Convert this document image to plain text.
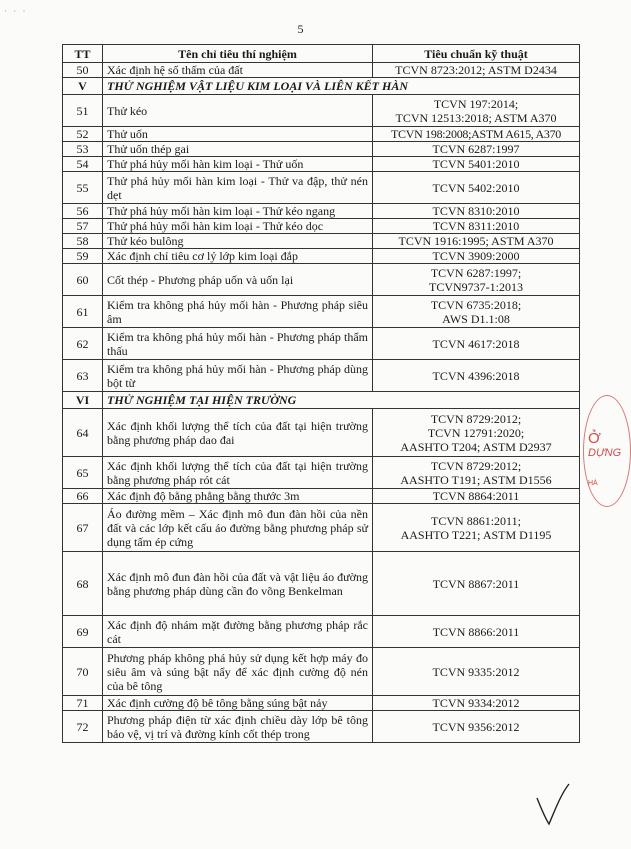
· · ·
5
TT	Tên chỉ tiêu thí nghiệm	Tiêu chuẩn kỹ thuật
50	Xác định hệ số thấm của đất	TCVN 8723:2012; ASTM D2434
V	THỬ NGHIỆM VẬT LIỆU KIM LOẠI VÀ LIÊN KẾT HÀN	
51	Thử kéo	TCVN 197:2014;
TCVN 12513:2018; ASTM A370
52	Thử uốn	TCVN 198:2008;ASTM A615, A370
53	Thử uốn thép gai	TCVN 6287:1997
54	Thử phá hủy mối hàn kim loại - Thử uốn	TCVN 5401:2010
55	Thử phá hủy mối hàn kim loại - Thử va đập, thử nén dẹt	TCVN 5402:2010
56	Thử phá hủy mối hàn kim loại - Thử kéo ngang	TCVN 8310:2010
57	Thử phá hủy mối hàn kim loại - Thử kéo dọc	TCVN 8311:2010
58	Thử kéo bulông	TCVN 1916:1995; ASTM A370
59	Xác định chỉ tiêu cơ lý lớp kim loại đắp	TCVN 3909:2000
60	Cốt thép - Phương pháp uốn và uốn lại	TCVN 6287:1997;
TCVN9737-1:2013
61	Kiểm tra không phá hủy mối hàn - Phương pháp siêu âm	TCVN 6735:2018;
AWS D1.1:08
62	Kiểm tra không phá hủy mối hàn - Phương pháp thẩm thấu	TCVN 4617:2018
63	Kiểm tra không phá hủy mối hàn - Phương pháp dùng bột từ	TCVN 4396:2018
VI	THỬ NGHIỆM TẠI HIỆN TRƯỜNG	
64	Xác định khối lượng thể tích của đất tại hiện trường bằng phương pháp dao đai	TCVN 8729:2012;
TCVN 12791:2020;
AASHTO T204; ASTM D2937
65	Xác định khối lượng thể tích của đất tại hiện trường bằng phương pháp rót cát	TCVN 8729:2012;
AASHTO T191; ASTM D1556
66	Xác định độ bằng phẳng bằng thước 3m	TCVN 8864:2011
67	Áo đường mềm – Xác định mô đun đàn hồi của nền đất và các lớp kết cấu áo đường bằng phương pháp sử dụng tấm ép cứng	TCVN 8861:2011;
AASHTO T221; ASTM D1195
68	Xác định mô đun đàn hồi của đất và vật liệu áo đường bằng phương pháp dùng cần đo võng Benkelman	TCVN 8867:2011
69	Xác định độ nhám mặt đường bằng phương pháp rắc cát	TCVN 8866:2011
70	Phương pháp không phá hủy sử dụng kết hợp máy đo siêu âm và súng bật nẩy để xác định cường độ nén của bê tông	TCVN 9335:2012
71	Xác định cường độ bê tông bằng súng bật nảy	TCVN 9334:2012
72	Phương pháp điện từ xác định chiều dày lớp bê tông bảo vệ, vị trí và đường kính cốt thép trong	TCVN 9356:2012
Ở
DỰNG
HÀ
